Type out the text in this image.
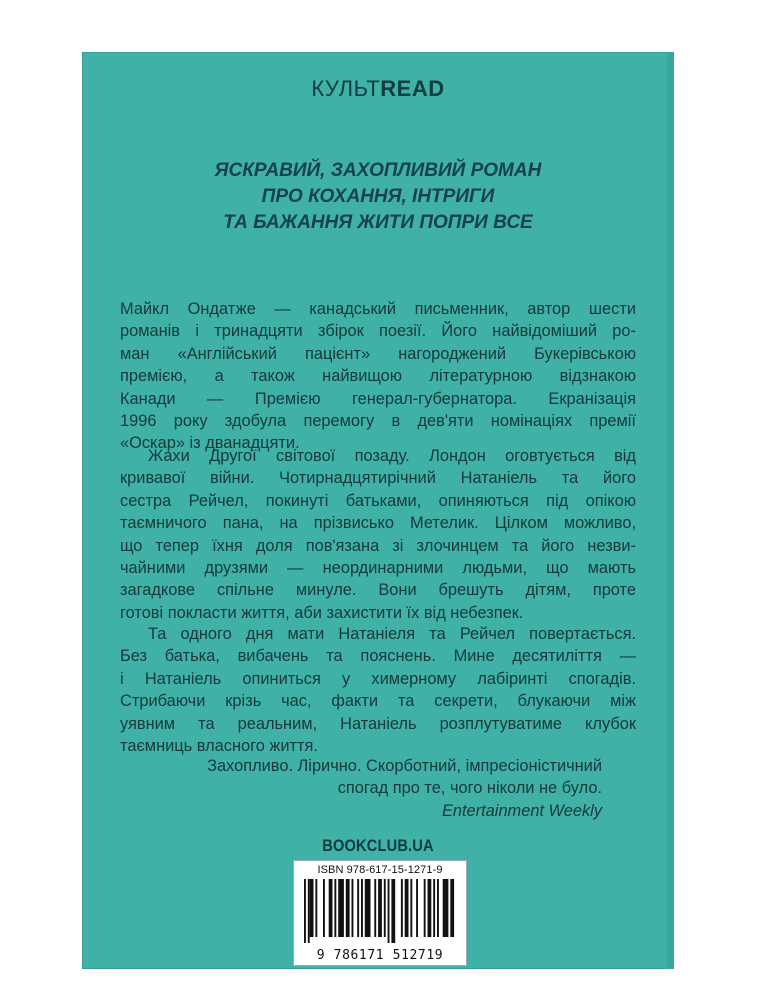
КУЛЬТREAD
ЯСКРАВИЙ, ЗАХОПЛИВИЙ РОМАН
ПРО КОХАННЯ, ІНТРИГИ
ТА БАЖАННЯ ЖИТИ ПОПРИ ВСЕ

Майкл Ондатже — канадський письменник, автор шести
романів і тринадцяти збірок поезії. Його найвідоміший ро-
ман «Англійський пацієнт» нагороджений Букерівською
премією, а також найвищою літературною відзнакою
Канади — Премією генерал-губернатора. Екранізація
1996 року здобула перемогу в дев'яти номінаціях премії
«Оскар» із дванадцяти.

Жахи Другої світової позаду. Лондон оговтується від
кривавої війни. Чотирнадцятирічний Натаніель та його
сестра Рейчел, покинуті батьками, опиняються під опікою
таємничого пана, на прізвисько Метелик. Цілком можливо,
що тепер їхня доля пов'язана зі злочинцем та його незви-
чайними друзями — неординарними людьми, що мають
загадкове спільне минуле. Вони брешуть дітям, проте
готові покласти життя, аби захистити їх від небезпек.

Та одного дня мати Натаніеля та Рейчел повертається.
Без батька, вибачень та пояснень. Мине десятиліття —
і Натаніель опиниться у химерному лабіринті спогадів.
Стрибаючи крізь час, факти та секрети, блукаючи між
уявним та реальним, Натаніель розплутуватиме клубок
таємниць власного життя.

Захопливо. Лірично. Скорботний, імпресіоністичний
спогад про те, чого ніколи не було.
Entertainment Weekly
BOOKCLUB.UA
ISBN 978-617-15-1271-9
9 786171 512719
